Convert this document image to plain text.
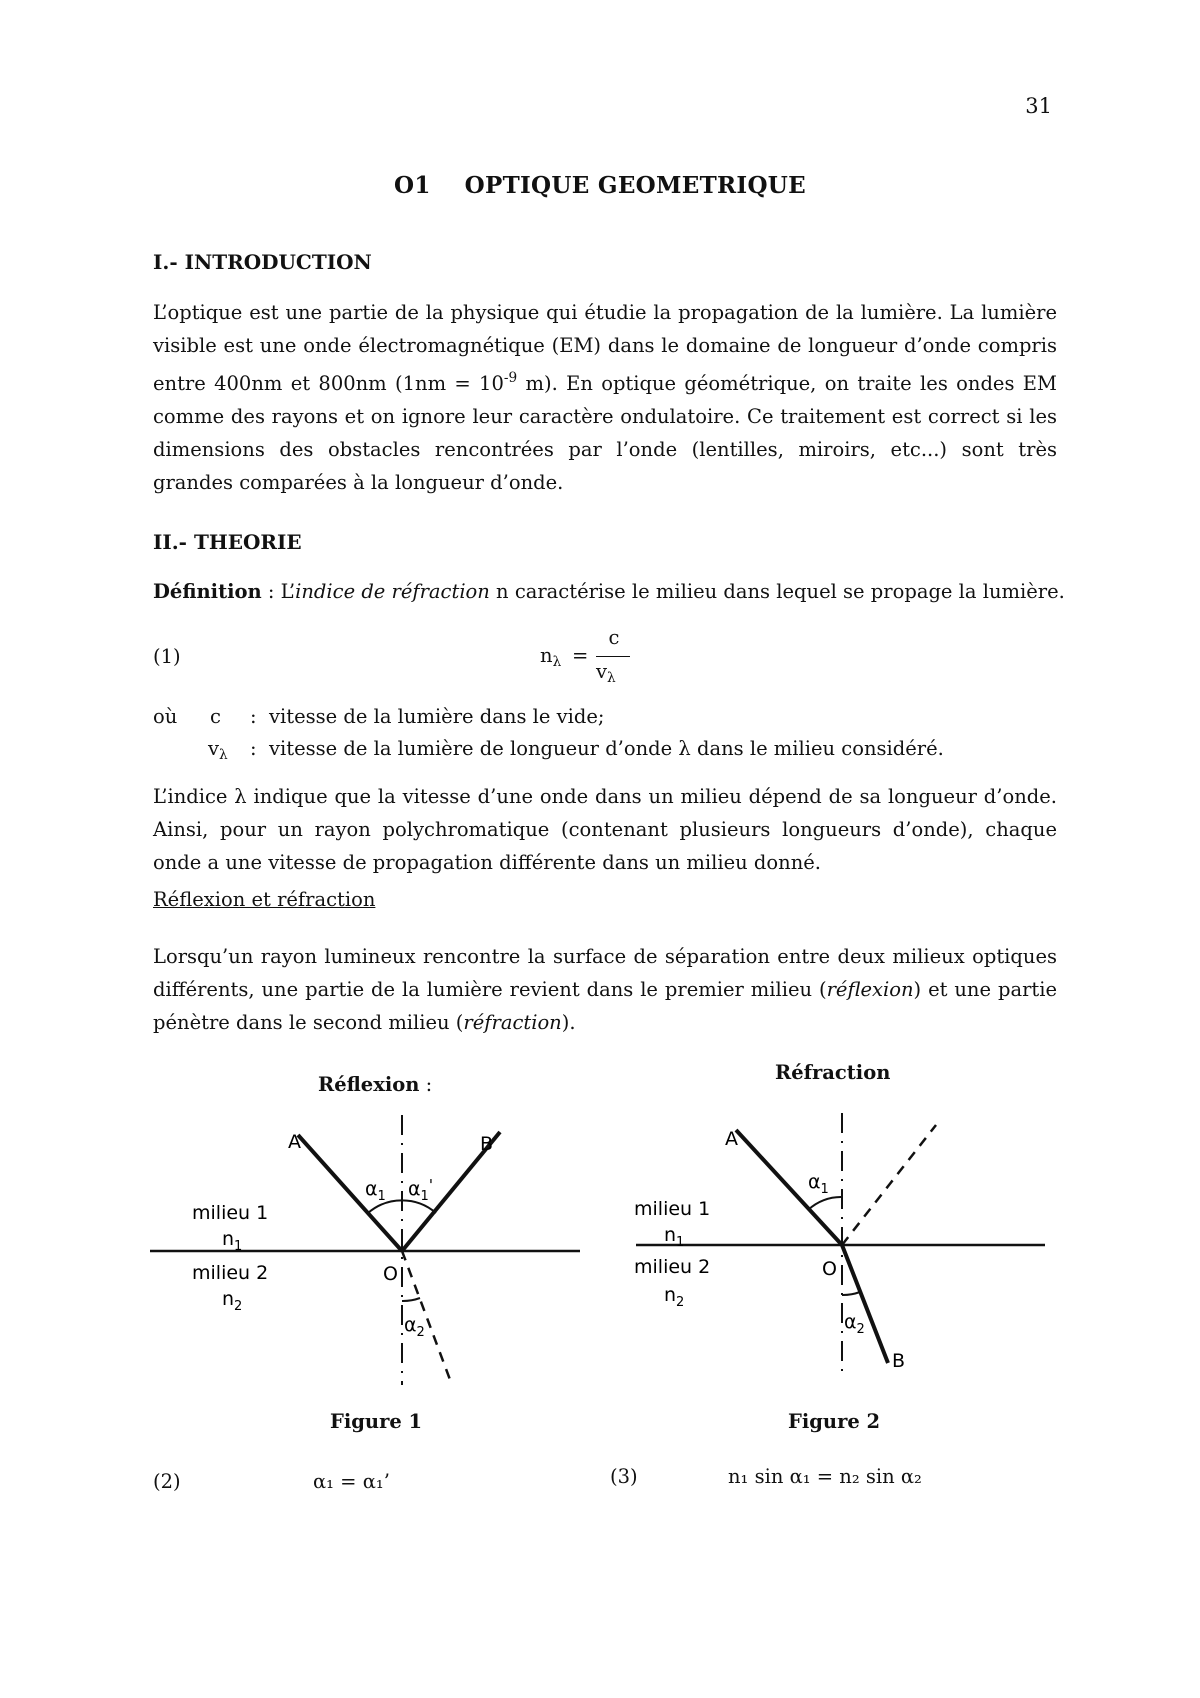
31
O1 OPTIQUE GEOMETRIQUE
I.- INTRODUCTION
L’optique est une partie de la physique qui étudie la propagation de la lumière. La lumière visible est une onde électromagnétique (EM) dans le domaine de longueur d’onde compris entre 400nm et 800nm ($1nm = 10^{-9}$ m). En optique géométrique, on traite les ondes EM comme des rayons et on ignore leur caractère ondulatoire. Ce traitement est correct si les dimensions des obstacles rencontrées par l’onde (lentilles, miroirs, etc...) sont très grandes comparées à la longueur d’onde.
II.- THEORIE
Définition : L’indice de réfraction n caractérise le milieu dans lequel se propage la lumière.
(1)	$n_\lambda$ =
c
$v_\lambda$
où c : vitesse de la lumière dans le vide;
$v_\lambda$ : vitesse de la lumière de longueur d’onde λ dans le milieu considéré.
L’indice λ indique que la vitesse d’une onde dans un milieu dépend de sa longueur d’onde. Ainsi, pour un rayon polychromatique (contenant plusieurs longueurs d’onde), chaque onde a une vitesse de propagation différente dans un milieu donné.
Réflexion et réfraction
Lorsqu’un rayon lumineux rencontre la surface de séparation entre deux milieux optiques différents, une partie de la lumière revient dans le premier milieu (réflexion) et une partie pénètre dans le second milieu (réfraction).
Réflexion :
A	B
O
$\alpha_1$ $\alpha_1'$
$\alpha_2$
milieu 1
$n_1$
milieu 2
$n_2$
Figure 1
Réfraction
A
B
O
$\alpha_1$
$\alpha_2$
milieu 1
$n_1$
milieu 2
$n_2$
Figure 2
(2)	α₁ = α₁’	(3)	n₁ sin α₁ = n₂ sin α₂
